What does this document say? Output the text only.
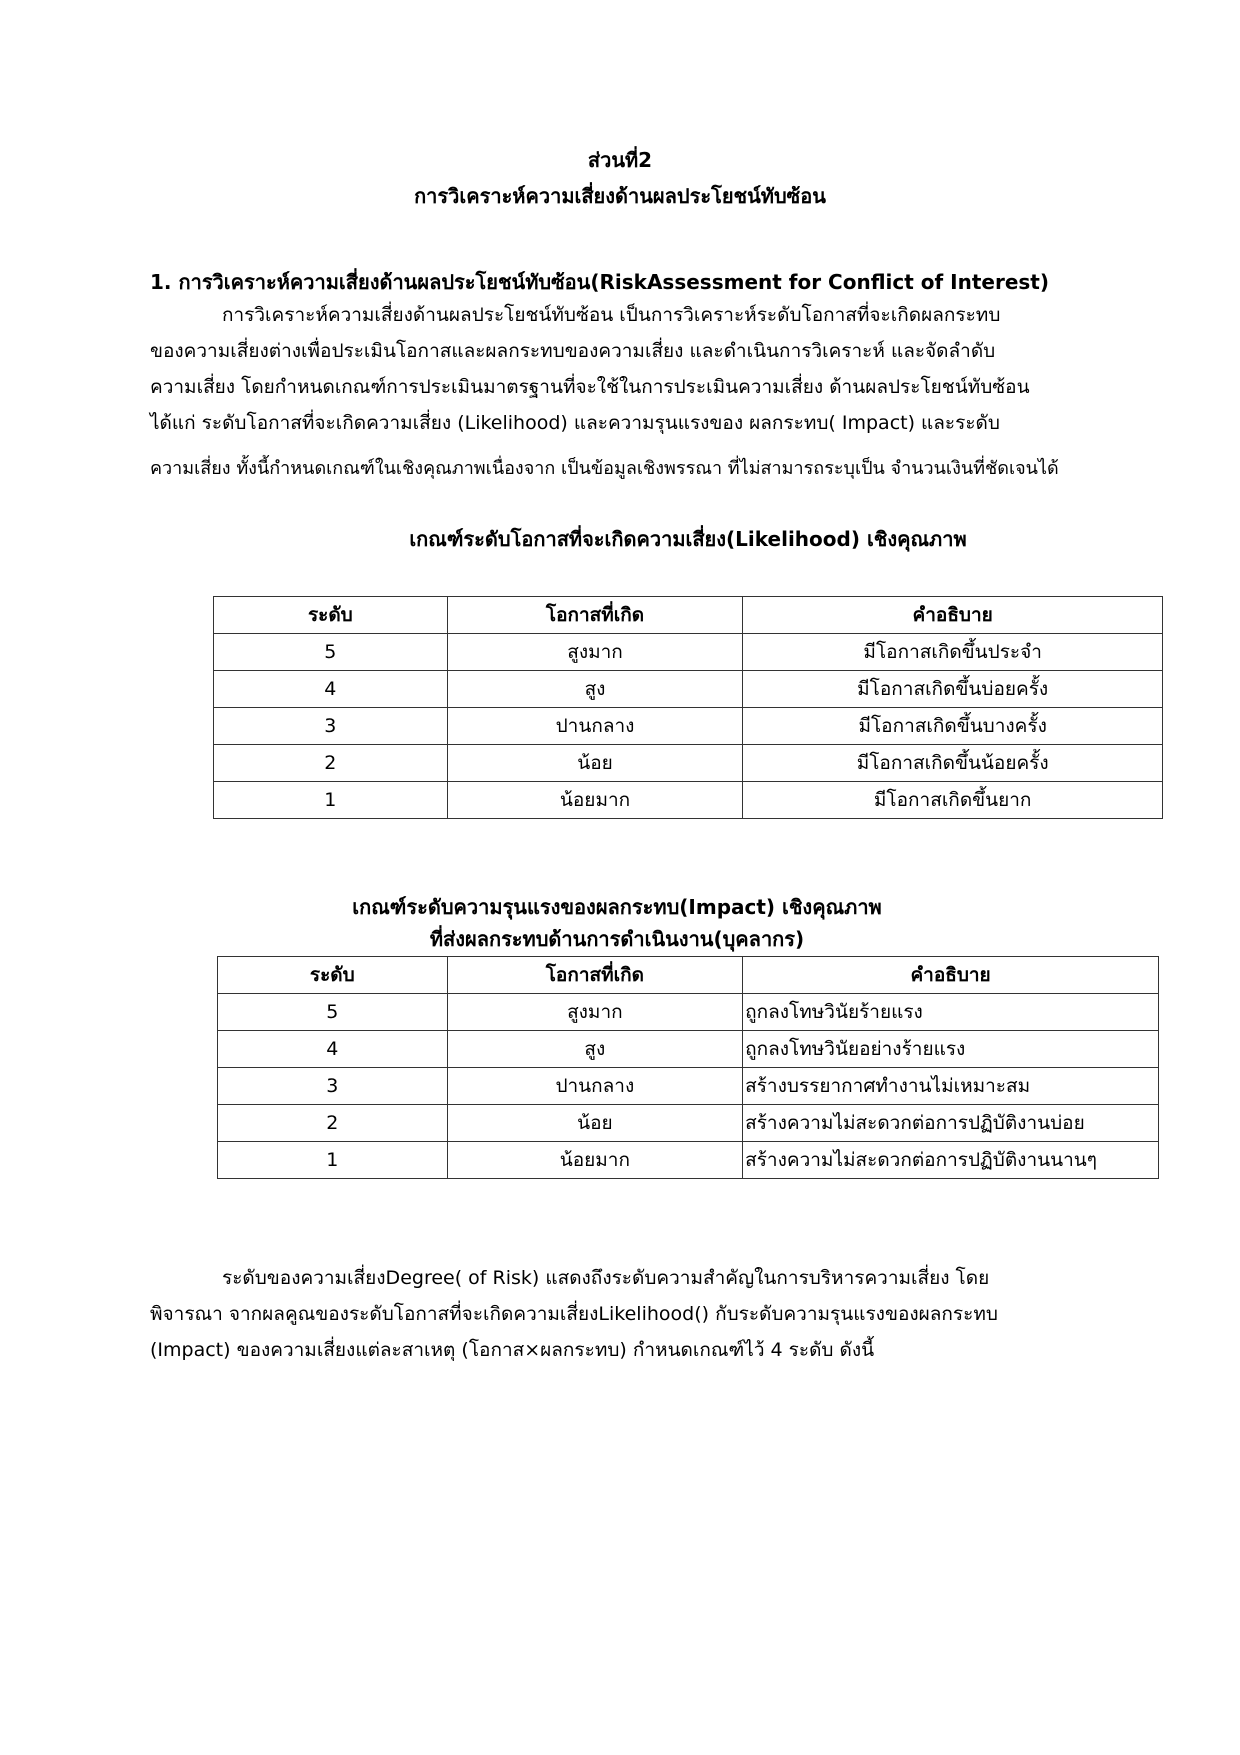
ส่วนที่2
การวิเคราะห์ความเสี่ยงด้านผลประโยชน์ทับซ้อน
1. การวิเคราะห์ความเสี่ยงด้านผลประโยชน์ทับซ้อน(RiskAssessment for Conflict of Interest)
การวิเคราะห์ความเสี่ยงด้านผลประโยชน์ทับซ้อน เป็นการวิเคราะห์ระดับโอกาสที่จะเกิดผลกระทบ
ของความเสี่ยงต่างเพื่อประเมินโอกาสและผลกระทบของความเสี่ยง และดำเนินการวิเคราะห์ และจัดลำดับ
ความเสี่ยง โดยกำหนดเกณฑ์การประเมินมาตรฐานที่จะใช้ในการประเมินความเสี่ยง ด้านผลประโยชน์ทับซ้อน
ได้แก่ ระดับโอกาสที่จะเกิดความเสี่ยง (Likelihood) และความรุนแรงของ ผลกระทบ( Impact) และระดับ
ความเสี่ยง ทั้งนี้กำหนดเกณฑ์ในเชิงคุณภาพเนื่องจาก เป็นข้อมูลเชิงพรรณา ที่ไม่สามารถระบุเป็น จำนวนเงินที่ชัดเจนได้
เกณฑ์ระดับโอกาสที่จะเกิดความเสี่ยง(Likelihood) เชิงคุณภาพ
ระดับ	โอกาสที่เกิด	คำอธิบาย
5	สูงมาก	มีโอกาสเกิดขึ้นประจำ
4	สูง	มีโอกาสเกิดขึ้นบ่อยครั้ง
3	ปานกลาง	มีโอกาสเกิดขึ้นบางครั้ง
2	น้อย	มีโอกาสเกิดขึ้นน้อยครั้ง
1	น้อยมาก	มีโอกาสเกิดขึ้นยาก
เกณฑ์ระดับความรุนแรงของผลกระทบ(Impact) เชิงคุณภาพ
ที่ส่งผลกระทบด้านการดำเนินงาน(บุคลากร)
ระดับ	โอกาสที่เกิด	คำอธิบาย
5	สูงมาก	ถูกลงโทษวินัยร้ายแรง
4	สูง	ถูกลงโทษวินัยอย่างร้ายแรง
3	ปานกลาง	สร้างบรรยากาศทำงานไม่เหมาะสม
2	น้อย	สร้างความไม่สะดวกต่อการปฏิบัติงานบ่อย
1	น้อยมาก	สร้างความไม่สะดวกต่อการปฏิบัติงานนานๆ
ระดับของความเสี่ยงDegree( of Risk) แสดงถึงระดับความสำคัญในการบริหารความเสี่ยง โดย
พิจารณา จากผลคูณของระดับโอกาสที่จะเกิดความเสี่ยงLikelihood() กับระดับความรุนแรงของผลกระทบ
(Impact) ของความเสี่ยงแต่ละสาเหตุ (โอกาส×ผลกระทบ) กำหนดเกณฑ์ไว้ 4 ระดับ ดังนี้
